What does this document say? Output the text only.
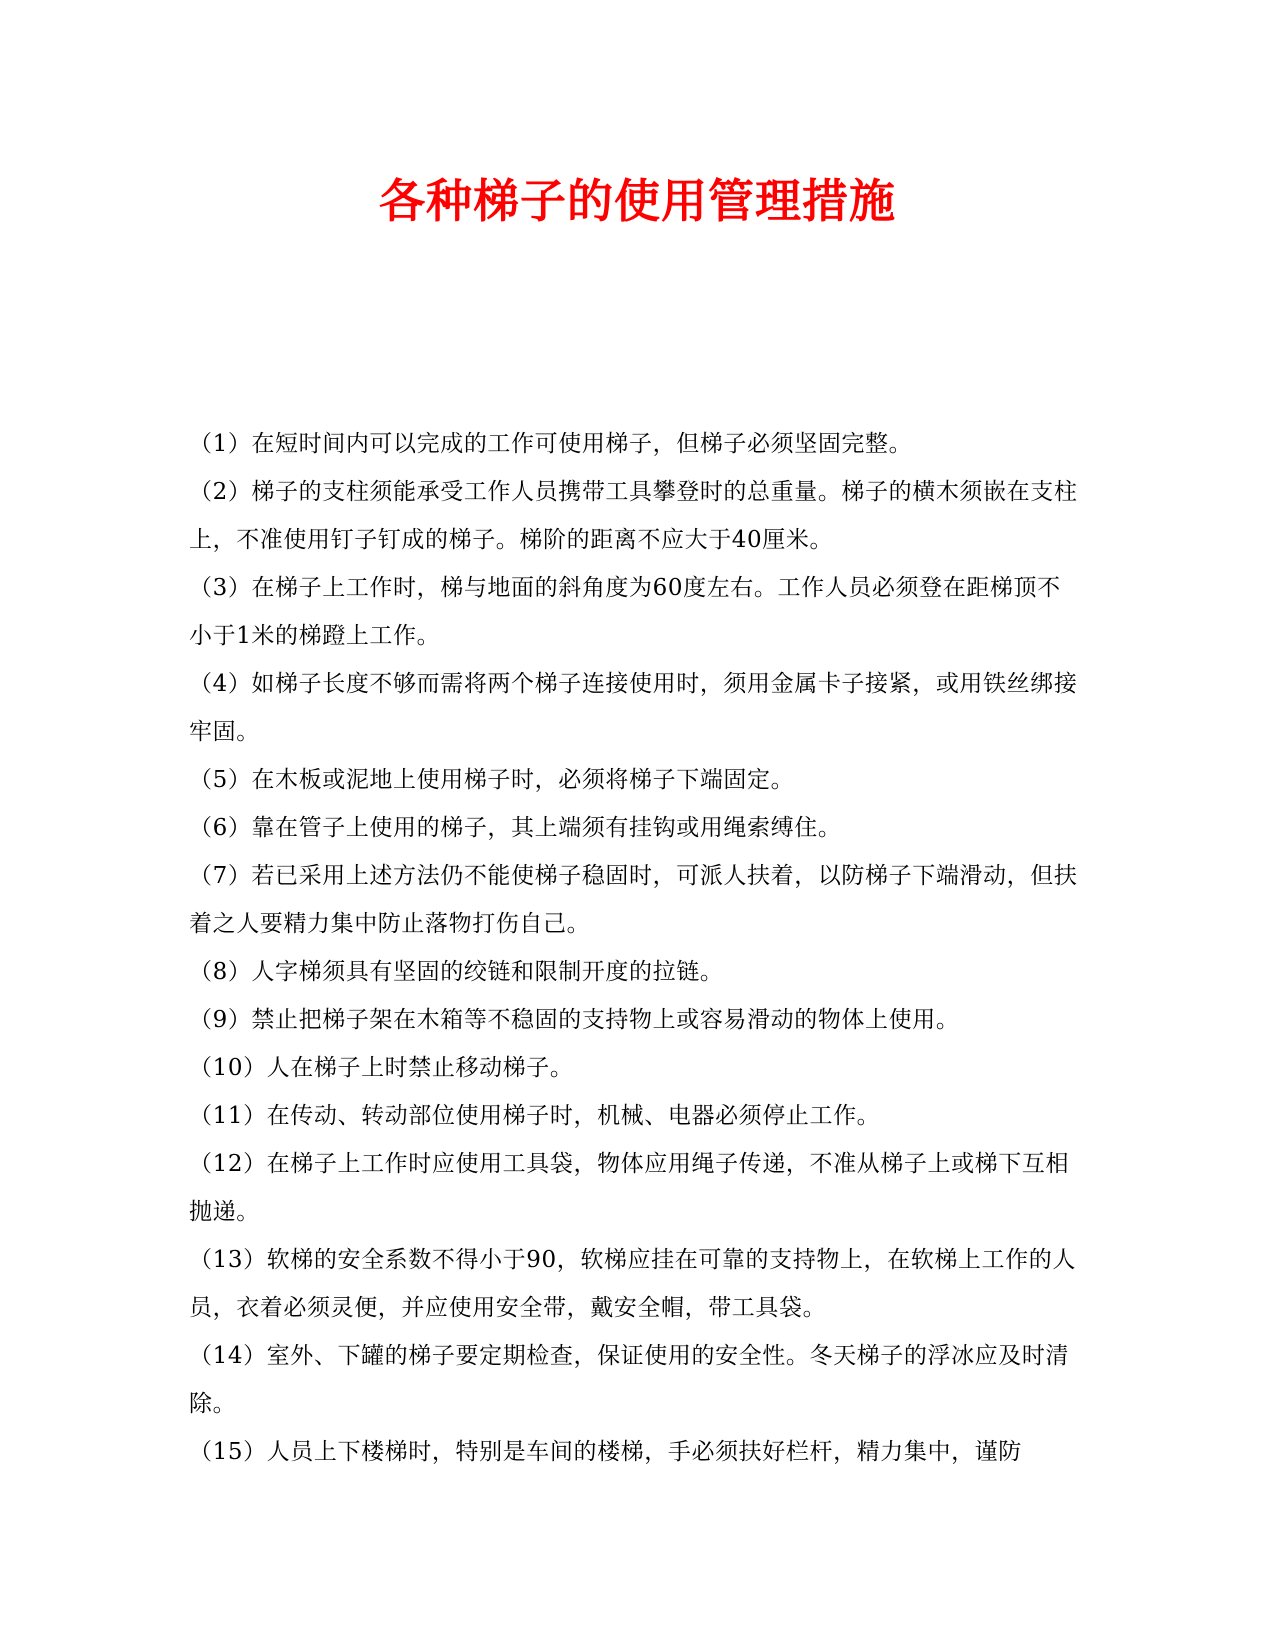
各种梯子的使用管理措施

（1）在短时间内可以完成的工作可使用梯子，但梯子必须坚固完整。

（2）梯子的支柱须能承受工作人员携带工具攀登时的总重量。梯子的横木须嵌在支柱上，不准使用钉子钉成的梯子。梯阶的距离不应大于40厘米。

（3）在梯子上工作时，梯与地面的斜角度为60度左右。工作人员必须登在距梯顶不小于1米的梯蹬上工作。

（4）如梯子长度不够而需将两个梯子连接使用时，须用金属卡子接紧，或用铁丝绑接牢固。

（5）在木板或泥地上使用梯子时，必须将梯子下端固定。

（6）靠在管子上使用的梯子，其上端须有挂钩或用绳索缚住。

（7）若已采用上述方法仍不能使梯子稳固时，可派人扶着，以防梯子下端滑动，但扶着之人要精力集中防止落物打伤自己。

（8）人字梯须具有坚固的绞链和限制开度的拉链。

（9）禁止把梯子架在木箱等不稳固的支持物上或容易滑动的物体上使用。

（10）人在梯子上时禁止移动梯子。

（11）在传动、转动部位使用梯子时，机械、电器必须停止工作。

（12）在梯子上工作时应使用工具袋，物体应用绳子传递，不准从梯子上或梯下互相抛递。

（13）软梯的安全系数不得小于90，软梯应挂在可靠的支持物上，在软梯上工作的人员，衣着必须灵便，并应使用安全带，戴安全帽，带工具袋。

（14）室外、下罐的梯子要定期检查，保证使用的安全性。冬天梯子的浮冰应及时清除。

（15）人员上下楼梯时，特别是车间的楼梯，手必须扶好栏杆，精力集中，谨防
